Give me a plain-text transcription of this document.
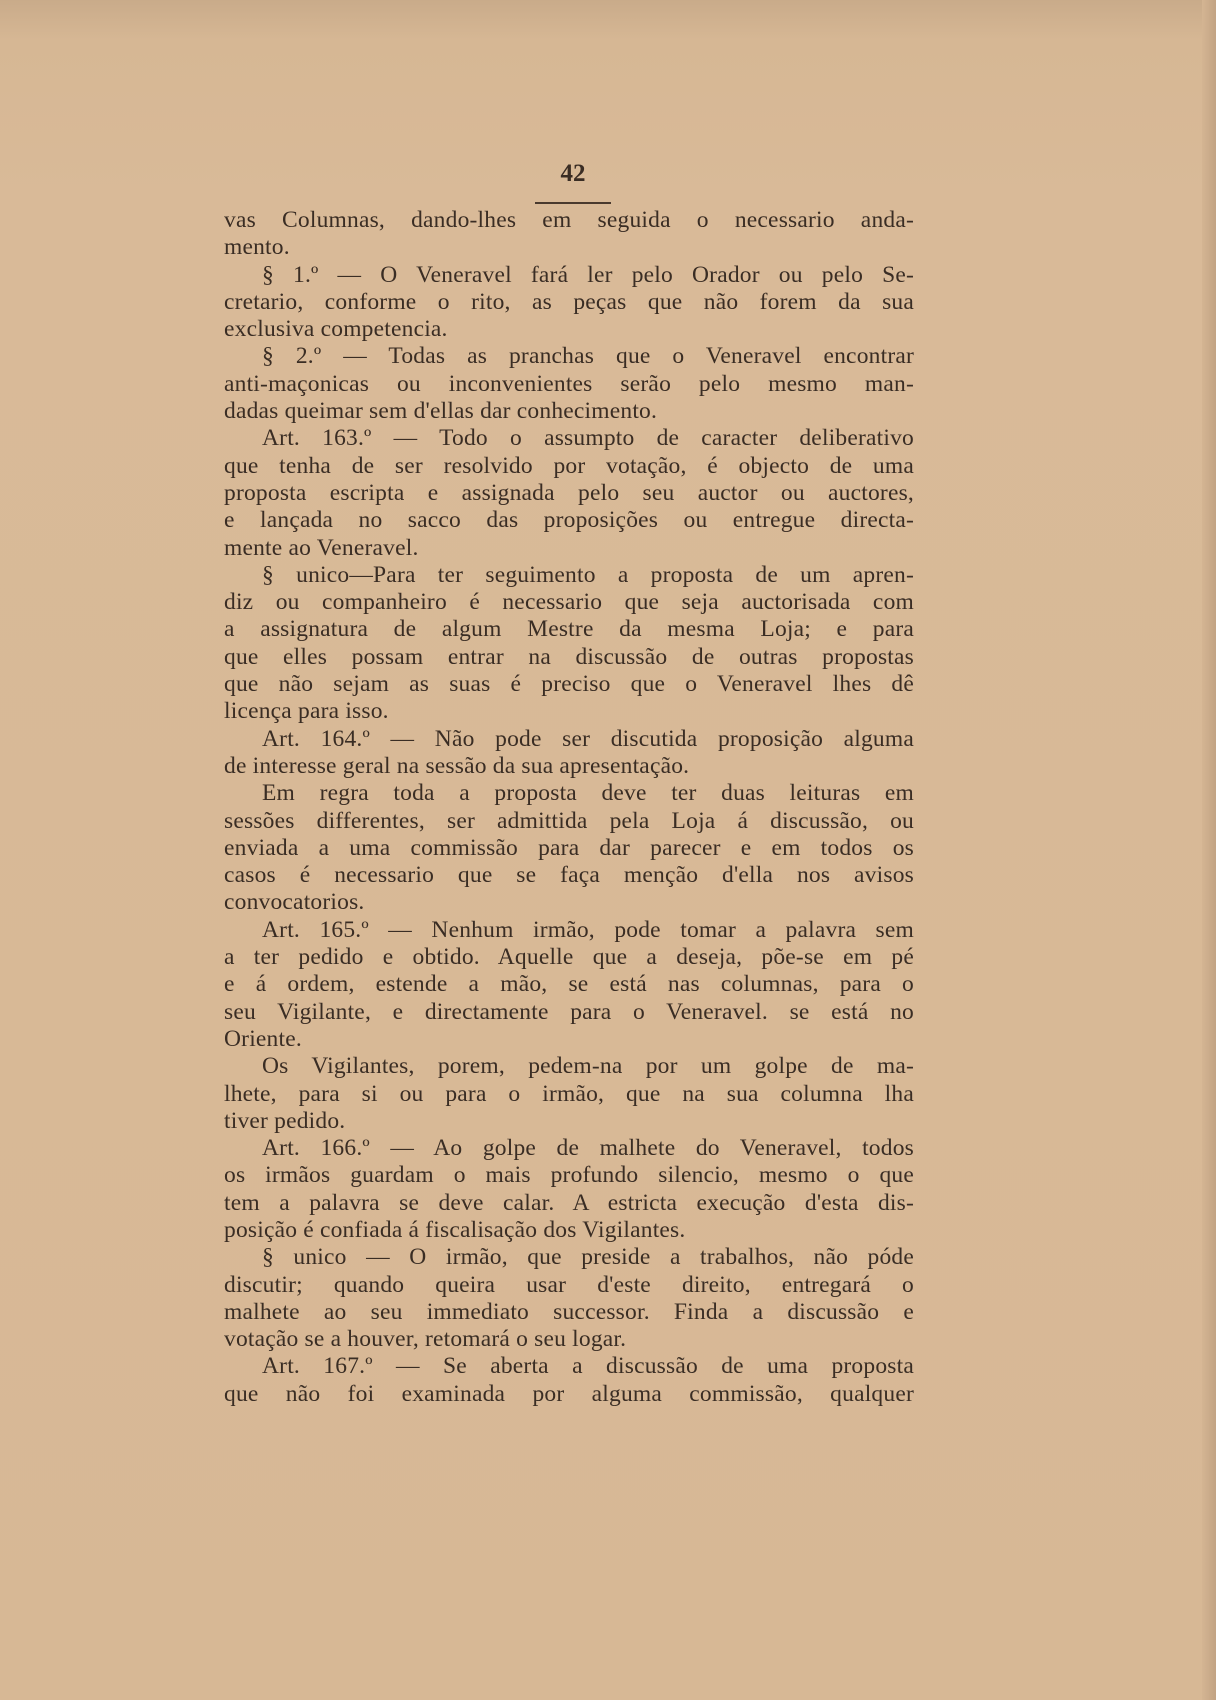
42
vas Columnas, dando-lhes em seguida o necessario anda-
mento.
§ 1.º — O Veneravel fará ler pelo Orador ou pelo Se-
cretario, conforme o rito, as peças que não forem da sua
exclusiva competencia.
§ 2.º — Todas as pranchas que o Veneravel encontrar
anti-maçonicas ou inconvenientes serão pelo mesmo man-
dadas queimar sem d'ellas dar conhecimento.
Art. 163.º — Todo o assumpto de caracter deliberativo
que tenha de ser resolvido por votação, é objecto de uma
proposta escripta e assignada pelo seu auctor ou auctores,
e lançada no sacco das proposições ou entregue directa-
mente ao Veneravel.
§ unico—Para ter seguimento a proposta de um apren-
diz ou companheiro é necessario que seja auctorisada com
a assignatura de algum Mestre da mesma Loja; e para
que elles possam entrar na discussão de outras propostas
que não sejam as suas é preciso que o Veneravel lhes dê
licença para isso.
Art. 164.º — Não pode ser discutida proposição alguma
de interesse geral na sessão da sua apresentação.
Em regra toda a proposta deve ter duas leituras em
sessões differentes, ser admittida pela Loja á discussão, ou
enviada a uma commissão para dar parecer e em todos os
casos é necessario que se faça menção d'ella nos avisos
convocatorios.
Art. 165.º — Nenhum irmão, pode tomar a palavra sem
a ter pedido e obtido. Aquelle que a deseja, põe-se em pé
e á ordem, estende a mão, se está nas columnas, para o
seu Vigilante, e directamente para o Veneravel. se está no
Oriente.
Os Vigilantes, porem, pedem-na por um golpe de ma-
lhete, para si ou para o irmão, que na sua columna lha
tiver pedido.
Art. 166.º — Ao golpe de malhete do Veneravel, todos
os irmãos guardam o mais profundo silencio, mesmo o que
tem a palavra se deve calar. A estricta execução d'esta dis-
posição é confiada á fiscalisação dos Vigilantes.
§ unico — O irmão, que preside a trabalhos, não póde
discutir; quando queira usar d'este direito, entregará o
malhete ao seu immediato successor. Finda a discussão e
votação se a houver, retomará o seu logar.
Art. 167.º — Se aberta a discussão de uma proposta
que não foi examinada por alguma commissão, qualquer
